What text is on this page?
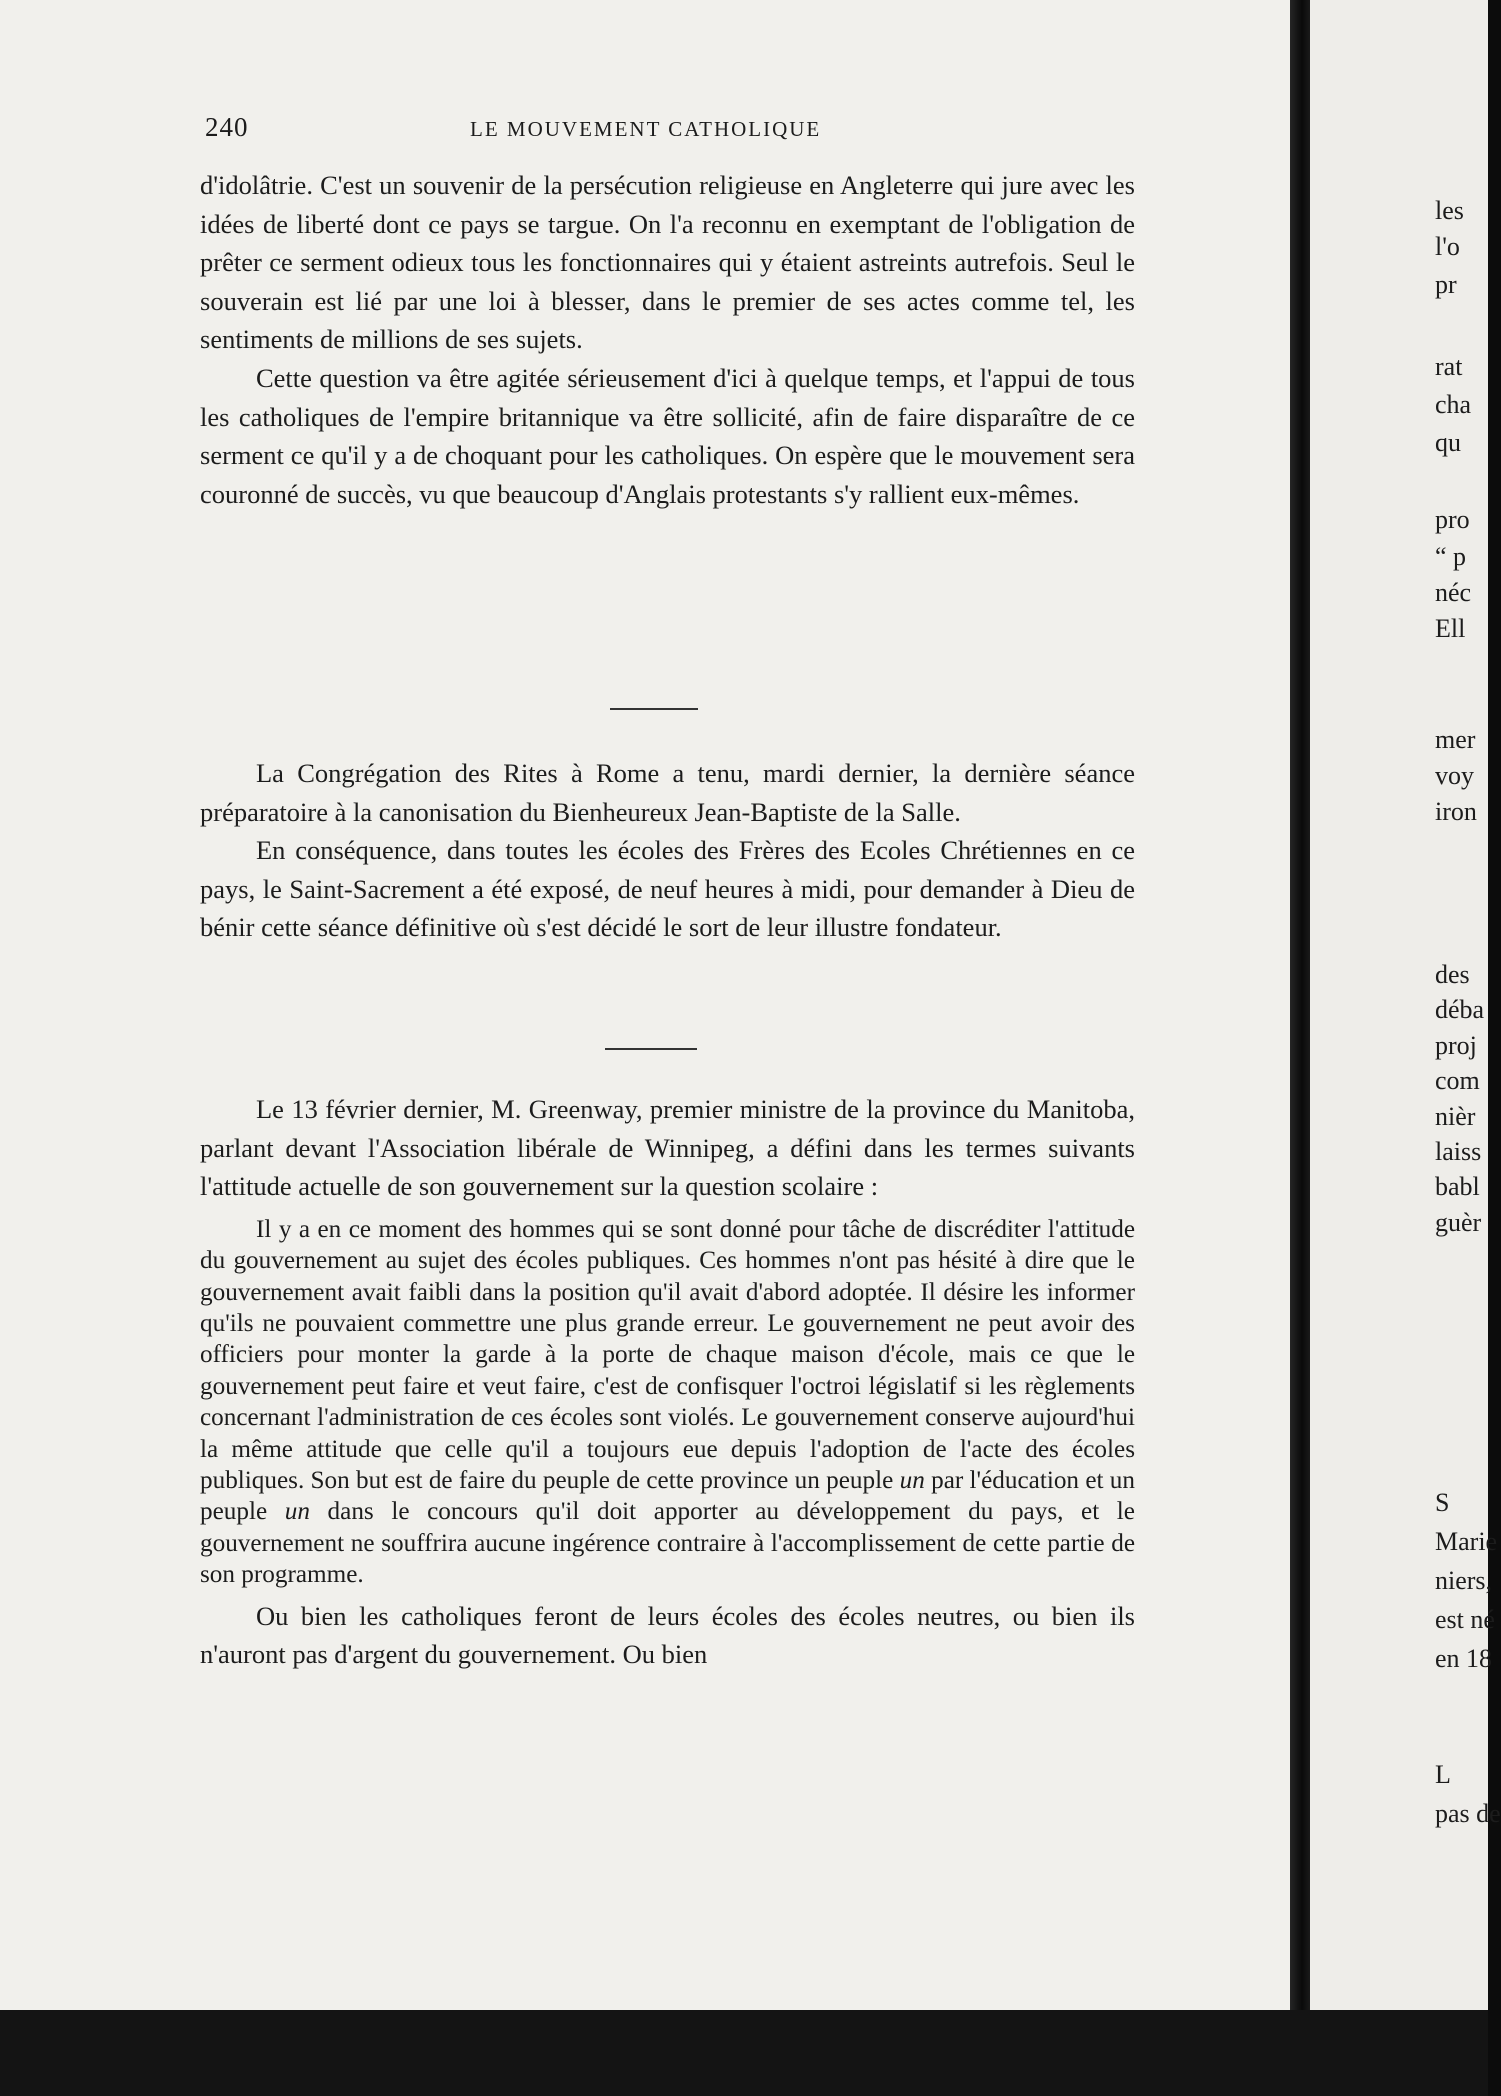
240	LE MOUVEMENT CATHOLIQUE

d'idolâtrie. C'est un souvenir de la persécution religieuse en Angleterre qui jure avec les idées de liberté dont ce pays se targue. On l'a reconnu en exemptant de l'obligation de prêter ce serment odieux tous les fonctionnaires qui y étaient astreints autrefois. Seul le souverain est lié par une loi à blesser, dans le premier de ses actes comme tel, les sentiments de millions de ses sujets.

Cette question va être agitée sérieusement d'ici à quelque temps, et l'appui de tous les catholiques de l'empire britannique va être sollicité, afin de faire disparaître de ce serment ce qu'il y a de choquant pour les catholiques. On espère que le mouvement sera couronné de succès, vu que beaucoup d'Anglais protestants s'y rallient eux-mêmes.

La Congrégation des Rites à Rome a tenu, mardi dernier, la dernière séance préparatoire à la canonisation du Bienheureux Jean-Baptiste de la Salle.

En conséquence, dans toutes les écoles des Frères des Ecoles Chrétiennes en ce pays, le Saint-Sacrement a été exposé, de neuf heures à midi, pour demander à Dieu de bénir cette séance définitive où s'est décidé le sort de leur illustre fondateur.

Le 13 février dernier, M. Greenway, premier ministre de la province du Manitoba, parlant devant l'Association libérale de Winnipeg, a défini dans les termes suivants l'attitude actuelle de son gouvernement sur la question scolaire :

Il y a en ce moment des hommes qui se sont donné pour tâche de discréditer l'attitude du gouvernement au sujet des écoles publiques. Ces hommes n'ont pas hésité à dire que le gouvernement avait faibli dans la position qu'il avait d'abord adoptée. Il désire les informer qu'ils ne pouvaient commettre une plus grande erreur. Le gouvernement ne peut avoir des officiers pour monter la garde à la porte de chaque maison d'école, mais ce que le gouvernement peut faire et veut faire, c'est de confisquer l'octroi législatif si les règlements concernant l'administration de ces écoles sont violés. Le gouvernement conserve aujourd'hui la même attitude que celle qu'il a toujours eue depuis l'adoption de l'acte des écoles publiques. Son but est de faire du peuple de cette province un peuple un par l'éducation et un peuple un dans le concours qu'il doit apporter au développement du pays, et le gouvernement ne souffrira aucune ingérence contraire à l'accomplissement de cette partie de son programme.

Ou bien les catholiques feront de leurs écoles des écoles neutres, ou bien ils n'auront pas d'argent du gouvernement. Ou bien

les
l'o
pr
rat
cha
qu
pro
“ p
néc
Ell
mer
voy
iron
des
déba
proj
com
nièr
laiss
babl
guèr
S
Marie
niers,
est né
en 18
L
pas de
